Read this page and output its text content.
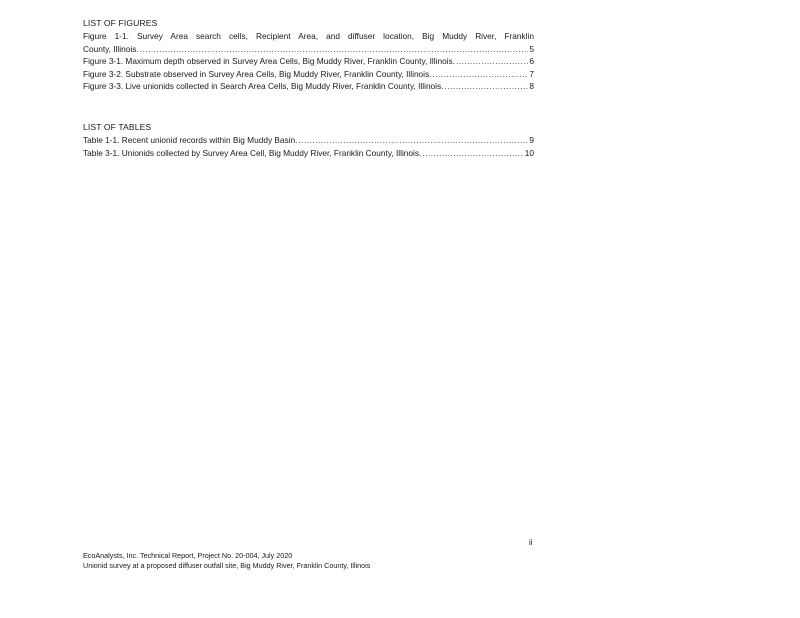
LIST OF FIGURES
Figure 1-1. Survey Area search cells, Recipient Area, and diffuser location, Big Muddy River, Franklin
County, Illinois. .....	5
Figure 3-1. Maximum depth observed in Survey Area Cells, Big Muddy River, Franklin County, Illinois. .....	6
Figure 3-2. Substrate observed in Survey Area Cells, Big Muddy River, Franklin County, Illinois. .....	7
Figure 3-3. Live unionids collected in Search Area Cells, Big Muddy River, Franklin County, Illinois. .....	8
LIST OF TABLES
Table 1-1. Recent unionid records within Big Muddy Basin. .....	9
Table 3-1. Unionids collected by Survey Area Cell, Big Muddy River, Franklin County, Illinois. .....	10
ii
EcoAnalysts, Inc. Technical Report, Project No. 20-004, July 2020
Unionid survey at a proposed diffuser outfall site, Big Muddy River, Franklin County, Illinois
